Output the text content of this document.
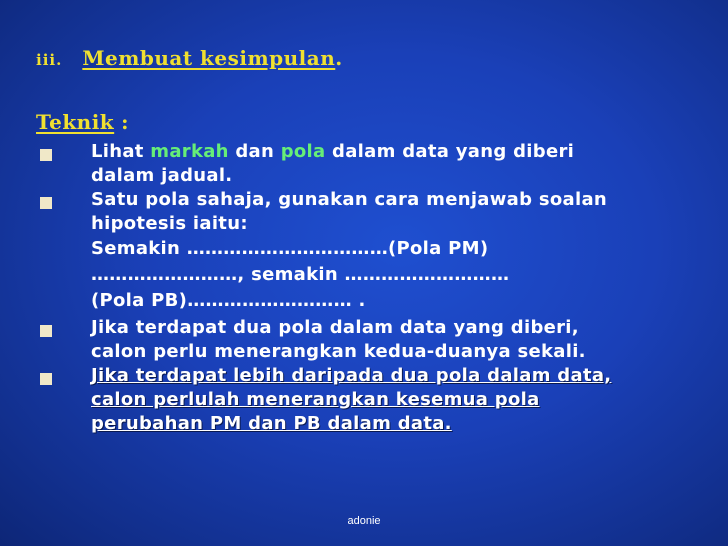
iii. Membuat kesimpulan .
Teknik :
Lihat markah dan pola dalam data yang diberi
dalam jadual.
Satu pola sahaja, gunakan cara menjawab soalan
hipotesis iaitu:
Semakin ……………………………(Pola PM)
……………………, semakin ………………………
(Pola PB)……………………… .
Jika terdapat dua pola dalam data yang diberi,
calon perlu menerangkan kedua-duanya sekali.
Jika terdapat lebih daripada dua pola dalam data,
calon perlulah menerangkan kesemua pola
perubahan PM dan PB dalam data.
adonie
